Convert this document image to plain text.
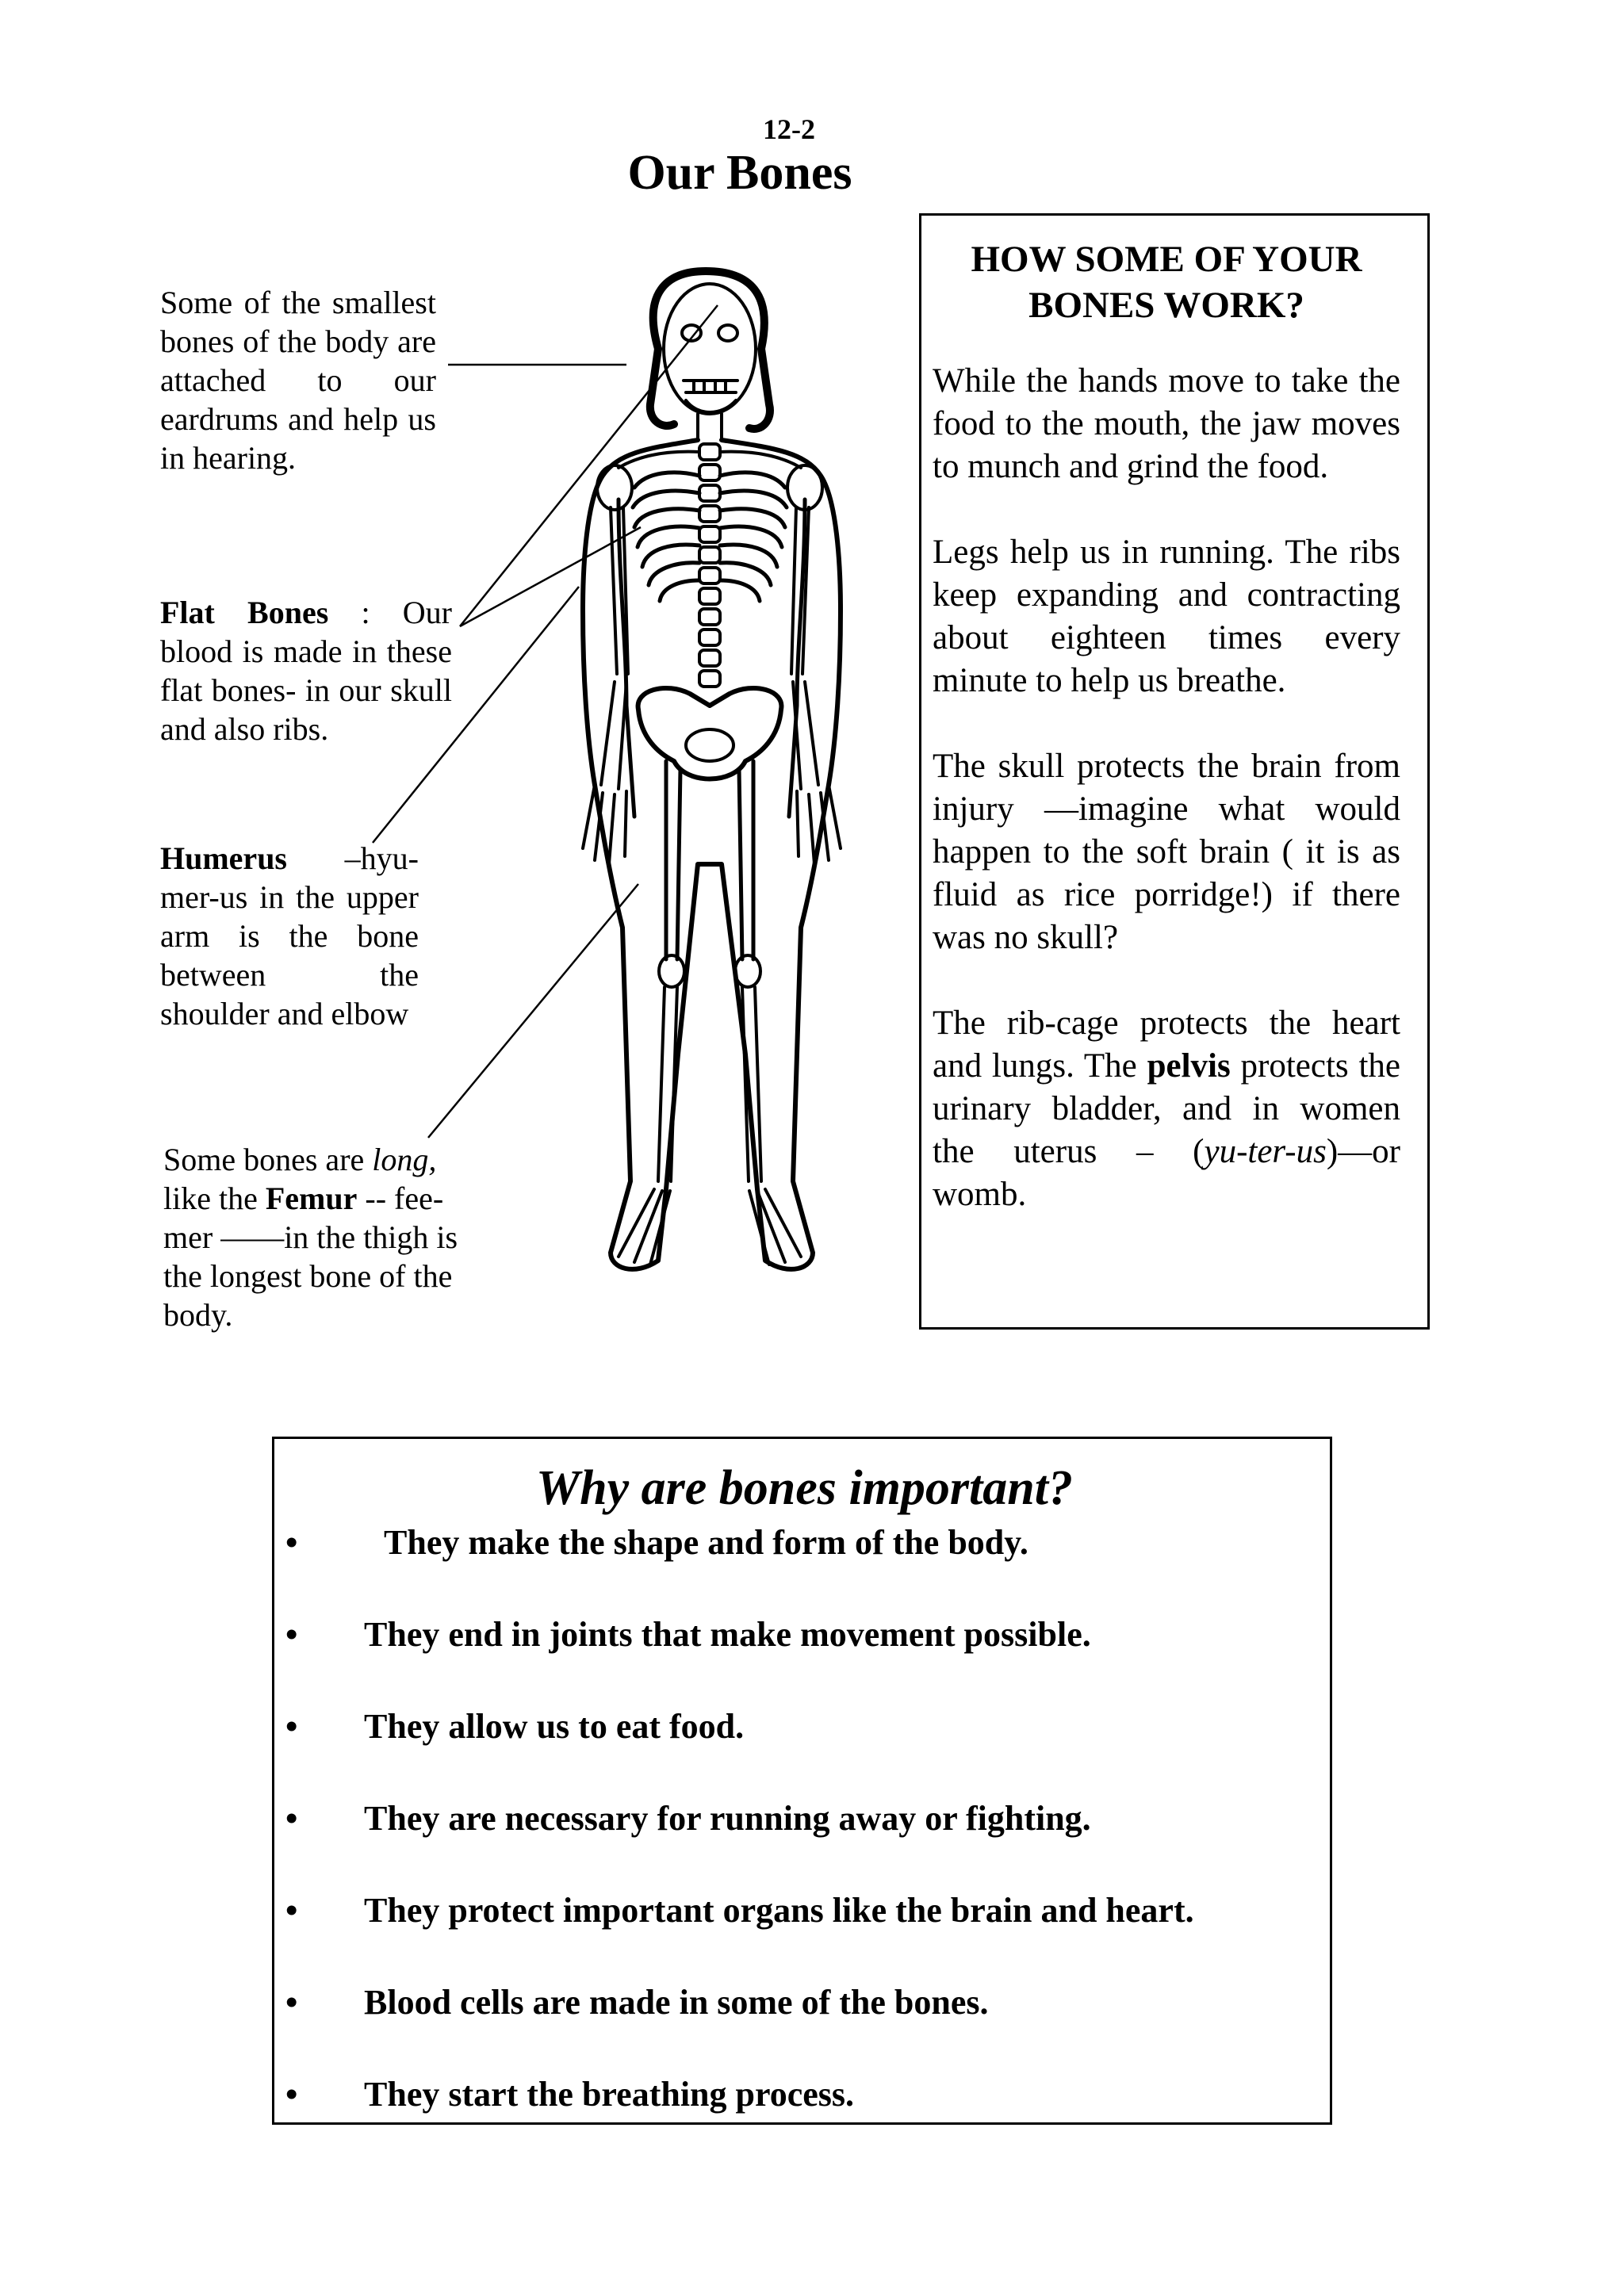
12-2
Our Bones

Some of the smallest bones of the body are attached to our eardrums and help us in hearing.

Flat Bones : Our blood is made in these flat bones- in our skull and also ribs.

Humerus –hyu-mer-us in the upper arm is the bone between the shoulder and elbow

Some bones are long, like the Femur -- fee-mer ——in the thigh is the longest bone of the body.

HOW SOME OF YOUR BONES WORK?

While the hands move to take the food to the mouth, the jaw moves to munch and grind the food.

Legs help us in running. The ribs keep expanding and contracting about eighteen times every minute to help us breathe.

The skull protects the brain from injury —imagine what would happen to the soft brain ( it is as fluid as rice porridge!) if there was no skull?

The rib-cage protects the heart and lungs. The pelvis protects the urinary bladder, and in women the uterus – (yu-ter-us)—or womb.

Why are bones important?
• They make the shape and form of the body.
• They end in joints that make movement possible.
• They allow us to eat food.
• They are necessary for running away or fighting.
• They protect important organs like the brain and heart.
• Blood cells are made in some of the bones.
• They start the breathing process.
